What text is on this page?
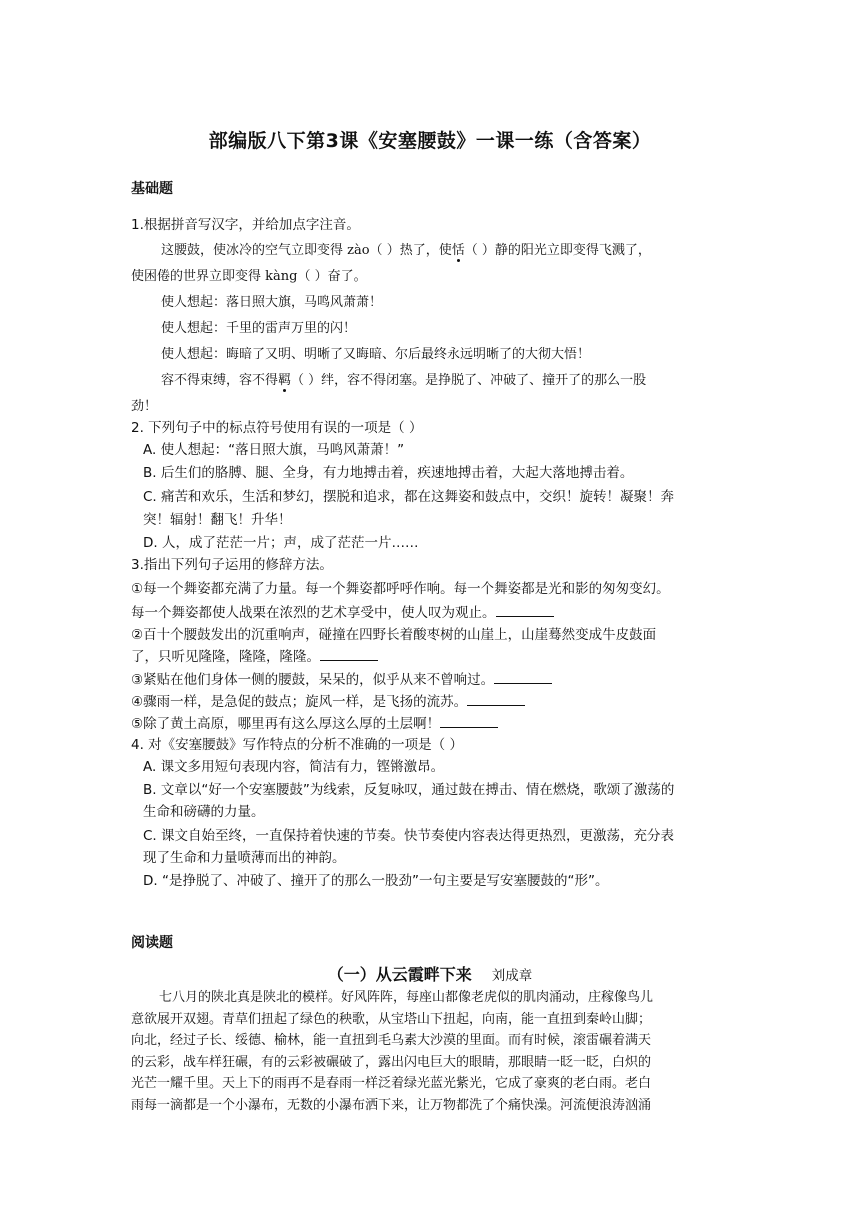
部编版八下第3课《安塞腰鼓》一课一练（含答案）
基础题
1.根据拼音写汉字，并给加点字注音。
这腰鼓，使冰冷的空气立即变得 zào（ ）热了，使恬（ ）静的阳光立即变得飞溅了，
使困倦的世界立即变得 kàng（ ）奋了。
使人想起：落日照大旗，马鸣风萧萧！
使人想起：千里的雷声万里的闪！
使人想起：晦暗了又明、明晰了又晦暗、尔后最终永远明晰了的大彻大悟！
容不得束缚，容不得羁（ ）绊，容不得闭塞。是挣脱了、冲破了、撞开了的那么一股
劲！
2. 下列句子中的标点符号使用有误的一项是（ ）
A. 使人想起：“落日照大旗，马鸣风萧萧！”
B. 后生们的胳膊、腿、全身，有力地搏击着，疾速地搏击着，大起大落地搏击着。
C. 痛苦和欢乐，生活和梦幻，摆脱和追求，都在这舞姿和鼓点中，交织！旋转！凝聚！奔
突！辐射！翻飞！升华！
D. 人，成了茫茫一片；声，成了茫茫一片……
3.指出下列句子运用的修辞方法。
①每一个舞姿都充满了力量。每一个舞姿都呼呼作响。每一个舞姿都是光和影的匆匆变幻。
每一个舞姿都使人战栗在浓烈的艺术享受中，使人叹为观止。
②百十个腰鼓发出的沉重响声，碰撞在四野长着酸枣树的山崖上，山崖蓦然变成牛皮鼓面
了，只听见隆隆，隆隆，隆隆。
③紧贴在他们身体一侧的腰鼓，呆呆的，似乎从来不曾响过。
④骤雨一样，是急促的鼓点；旋风一样，是飞扬的流苏。
⑤除了黄土高原，哪里再有这么厚这么厚的土层啊！
4. 对《安塞腰鼓》写作特点的分析不准确的一项是（ ）
A. 课文多用短句表现内容，简洁有力，铿锵激昂。
B. 文章以“好一个安塞腰鼓”为线索，反复咏叹，通过鼓在搏击、情在燃烧，歌颂了激荡的
生命和磅礴的力量。
C. 课文自始至终，一直保持着快速的节奏。快节奏使内容表达得更热烈，更激荡，充分表
现了生命和力量喷薄而出的神韵。
D. “是挣脱了、冲破了、撞开了的那么一股劲”一句主要是写安塞腰鼓的“形”。
阅读题
（一）从云霞畔下来 刘成章
七八月的陕北真是陕北的模样。好风阵阵，每座山都像老虎似的肌肉涌动，庄稼像鸟儿
意欲展开双翅。青草们扭起了绿色的秧歌，从宝塔山下扭起，向南，能一直扭到秦岭山脚；
向北，经过子长、绥德、榆林，能一直扭到毛乌素大沙漠的里面。而有时候，滚雷碾着满天
的云彩，战车样狂碾，有的云彩被碾破了，露出闪电巨大的眼睛，那眼睛一眨一眨，白炽的
光芒一耀千里。天上下的雨再不是春雨一样泛着绿光蓝光紫光，它成了豪爽的老白雨。老白
雨每一滴都是一个小瀑布，无数的小瀑布洒下来，让万物都洗了个痛快澡。河流便浪涛汹涌
